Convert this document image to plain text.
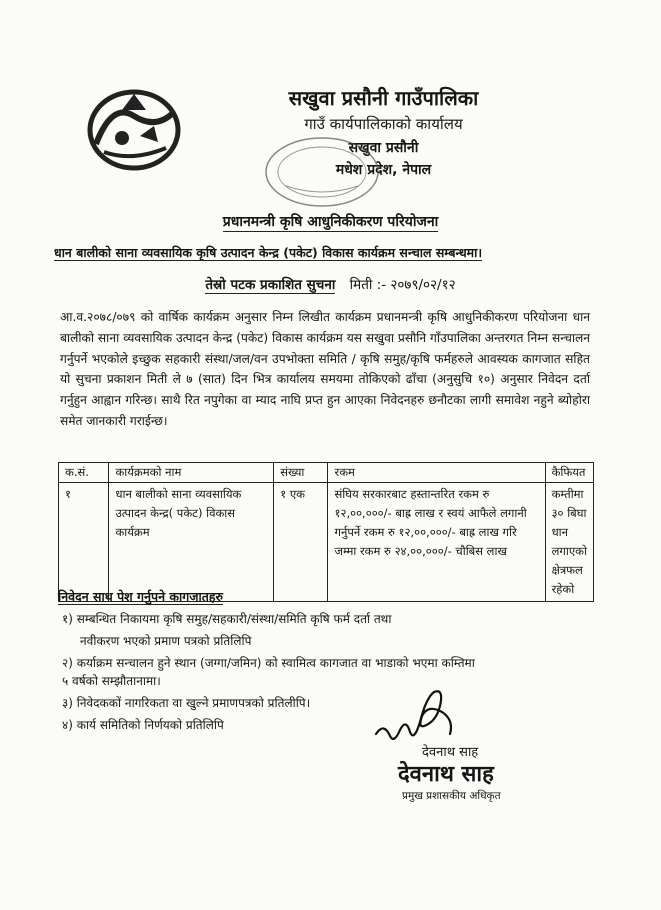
सखुवा प्रसौनी गाउँपालिका
गाउँ कार्यपालिकाको कार्यालय
सखुवा प्रसौनी
मधेश प्रदेश, नेपाल
प्रधानमन्त्री कृषि आधुनिकीकरण परियोजना
धान बालीको साना व्यवसायिक कृषि उत्पादन केन्द्र (पकेट) विकास कार्यक्रम सन्चाल सम्बन्धमा।
तेस्रो पटक प्रकाशित सुचना मिती :- २०७९/०२/१२
आ.व.२०७८/०७९ को वार्षिक कार्यक्रम अनुसार निम्न लिखीत कार्यक्रम प्रधानमन्त्री कृषि आधुनिकीकरण परियोजना धान बालीको साना व्यवसायिक उत्पादन केन्द्र (पकेट) विकास कार्यक्रम यस सखुवा प्रसौनि गाँउपालिका अन्तरगत निम्न सन्चालन गर्नुपर्ने भएकोले इच्छुक सहकारी संस्था/जल/वन उपभोक्ता समिति / कृषि समुह/कृषि फर्महरुले आवस्यक कागजात सहित यो सुचना प्रकाशन मिती ले ७ (सात) दिन भित्र कार्यालय समयमा तोकिएको ढाँचा (अनुसुचि १०) अनुसार निवेदन दर्ता गर्नुहुन आह्वान गरिन्छ। साथै रित नपुगेका वा म्याद नाघि प्रप्त हुन आएका निवेदनहरु छनौटका लागी समावेश नहुने ब्योहोरा समेत जानकारी गराईन्छ।
क.सं.	कार्यक्रमको नाम	संख्या	रकम	कैफियत
१	धान बालीको साना व्यवसायिक उत्पादन केन्द्र( पकेट) विकास कार्यक्रम	१ एक	संघिय सरकारबाट हस्तान्तरित रकम रु १२,००,०००/- बाह्र लाख र स्वयं आफैले लगानी गर्नुपर्ने रकम रु १२,००,०००/- बाह्र लाख गरि जम्मा रकम रु २४,००,०००/- चौबिस लाख	कम्तीमा ३० बिघा धान लगाएको क्षेत्रफल रहेको
निवेदन साथ पेश गर्नुपने कागजातहरु
१) सम्बन्धित निकायमा कृषि समुह/सहकारी/संस्था/समिति कृषि फर्म दर्ता तथा
नवीकरण भएको प्रमाण पत्रको प्रतिलिपि
२) कर्याक्रम सन्चालन हुने स्थान (जग्गा/जमिन) को स्वामित्व कागजात वा भाडाको भएमा कम्तिमा
५ वर्षको सम्झौतानामा।
३) निवेदककों नागरिकता वा खुल्ने प्रमाणपत्रको प्रतिलीपि।
४) कार्य समितिको निर्णयको प्रतिलिपि
देवनाथ साह
देवनाथ साह
प्रमुख प्रशासकीय अधिकृत
